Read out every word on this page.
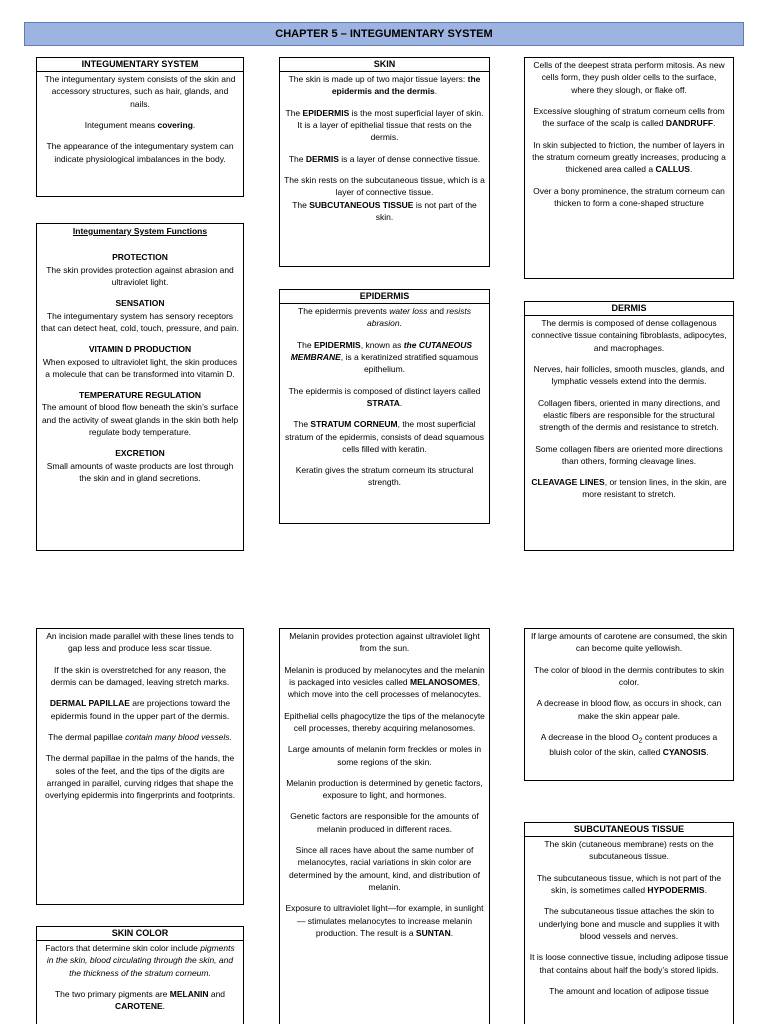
CHAPTER 5 – INTEGUMENTARY SYSTEM
INTEGUMENTARY SYSTEM

The integumentary system consists of the skin and accessory structures, such as hair, glands, and nails.

Integument means covering.

The appearance of the integumentary system can indicate physiological imbalances in the body.

Integumentary System Functions

PROTECTION
The skin provides protection against abrasion and ultraviolet light.

SENSATION
The integumentary system has sensory receptors that can detect heat, cold, touch, pressure, and pain.

VITAMIN D PRODUCTION
When exposed to ultraviolet light, the skin produces a molecule that can be transformed into vitamin D.

TEMPERATURE REGULATION
The amount of blood flow beneath the skin’s surface and the activity of sweat glands in the skin both help regulate body temperature.

EXCRETION
Small amounts of waste products are lost through the skin and in gland secretions.

SKIN

The skin is made up of two major tissue layers: the epidermis and the dermis.

The EPIDERMIS is the most superficial layer of skin. It is a layer of epithelial tissue that rests on the dermis.

The DERMIS is a layer of dense connective tissue.

The skin rests on the subcutaneous tissue, which is a layer of connective tissue.
The SUBCUTANEOUS TISSUE is not part of the skin.

Cells of the deepest strata perform mitosis. As new cells form, they push older cells to the surface, where they slough, or flake off.

Excessive sloughing of stratum corneum cells from the surface of the scalp is called DANDRUFF.

In skin subjected to friction, the number of layers in the stratum corneum greatly increases, producing a thickened area called a CALLUS.

Over a bony prominence, the stratum corneum can thicken to form a cone-shaped structure

EPIDERMIS

The epidermis prevents water loss and resists abrasion.

The EPIDERMIS, known as the CUTANEOUS MEMBRANE, is a keratinized stratified squamous epithelium.

The epidermis is composed of distinct layers called STRATA.

The STRATUM CORNEUM, the most superficial stratum of the epidermis, consists of dead squamous cells filled with keratin.

Keratin gives the stratum corneum its structural strength.

DERMIS

The dermis is composed of dense collagenous connective tissue containing fibroblasts, adipocytes, and macrophages.

Nerves, hair follicles, smooth muscles, glands, and lymphatic vessels extend into the dermis.

Collagen fibers, oriented in many directions, and elastic fibers are responsible for the structural strength of the dermis and resistance to stretch.

Some collagen fibers are oriented more directions than others, forming cleavage lines.

CLEAVAGE LINES, or tension lines, in the skin, are more resistant to stretch.

An incision made parallel with these lines tends to gap less and produce less scar tissue.

If the skin is overstretched for any reason, the dermis can be damaged, leaving stretch marks.

DERMAL PAPILLAE are projections toward the epidermis found in the upper part of the dermis.

The dermal papillae contain many blood vessels.

The dermal papillae in the palms of the hands, the soles of the feet, and the tips of the digits are arranged in parallel, curving ridges that shape the overlying epidermis into fingerprints and footprints.

SKIN COLOR

Factors that determine skin color include pigments in the skin, blood circulating through the skin, and the thickness of the stratum corneum.

The two primary pigments are MELANIN and CAROTENE.

Melanin provides protection against ultraviolet light from the sun.

Melanin is produced by melanocytes and the melanin is packaged into vesicles called MELANOSOMES, which move into the cell processes of melanocytes.

Epithelial cells phagocytize the tips of the melanocyte cell processes, thereby acquiring melanosomes.

Large amounts of melanin form freckles or moles in some regions of the skin.

Melanin production is determined by genetic factors, exposure to light, and hormones.

Genetic factors are responsible for the amounts of melanin produced in different races.

Since all races have about the same number of melanocytes, racial variations in skin color are determined by the amount, kind, and distribution of melanin.

Exposure to ultraviolet light—for example, in sunlight— stimulates melanocytes to increase melanin production. The result is a SUNTAN.

If large amounts of carotene are consumed, the skin can become quite yellowish.

The color of blood in the dermis contributes to skin color.

A decrease in blood flow, as occurs in shock, can make the skin appear pale.

A decrease in the blood $O_2$ content produces a bluish color of the skin, called CYANOSIS.

SUBCUTANEOUS TISSUE

The skin (cutaneous membrane) rests on the subcutaneous tissue.

The subcutaneous tissue, which is not part of the skin, is sometimes called HYPODERMIS.

The subcutaneous tissue attaches the skin to underlying bone and muscle and supplies it with blood vessels and nerves.

It is loose connective tissue, including adipose tissue that contains about half the body’s stored lipids.

The amount and location of adipose tissue
